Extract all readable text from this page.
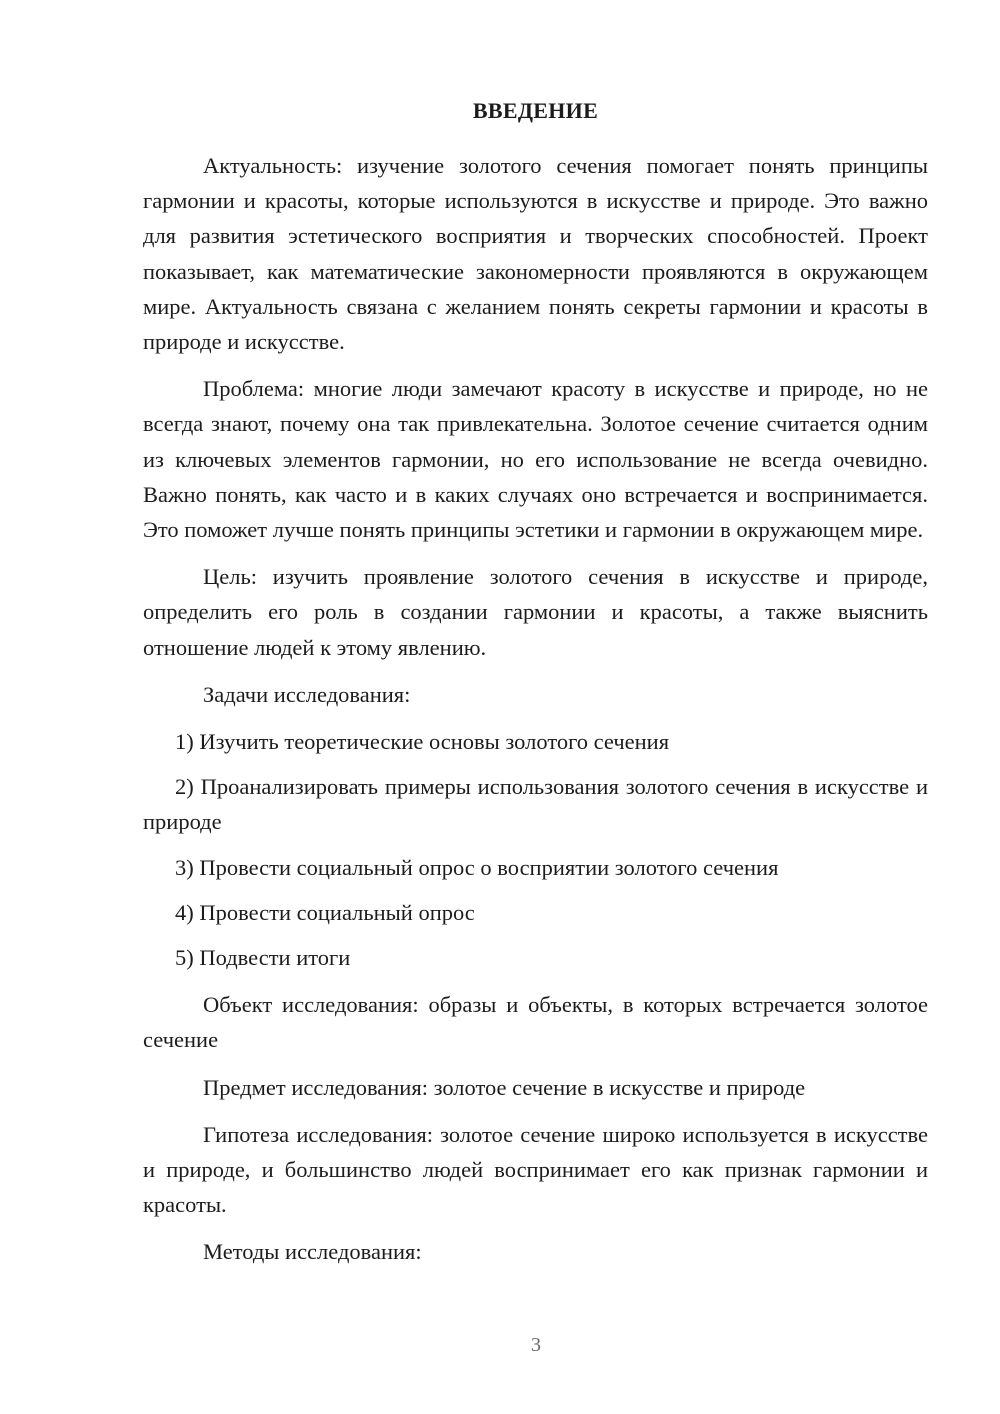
ВВЕДЕНИЕ

Актуальность: изучение золотого сечения помогает понять принципы гармонии и красоты, которые используются в искусстве и природе. Это важно для развития эстетического восприятия и творческих способностей. Проект показывает, как математические закономерности проявляются в окружающем мире. Актуальность связана с желанием понять секреты гармонии и красоты в природе и искусстве.

Проблема: многие люди замечают красоту в искусстве и природе, но не всегда знают, почему она так привлекательна. Золотое сечение считается одним из ключевых элементов гармонии, но его использование не всегда очевидно. Важно понять, как часто и в каких случаях оно встречается и воспринимается. Это поможет лучше понять принципы эстетики и гармонии в окружающем мире.

Цель: изучить проявление золотого сечения в искусстве и природе, определить его роль в создании гармонии и красоты, а также выяснить отношение людей к этому явлению.

Задачи исследования:

1) Изучить теоретические основы золотого сечения

2) Проанализировать примеры использования золотого сечения в искусстве и природе

3) Провести социальный опрос о восприятии золотого сечения

4) Провести социальный опрос

5) Подвести итоги

Объект исследования: образы и объекты, в которых встречается золотое сечение

Предмет исследования: золотое сечение в искусстве и природе

Гипотеза исследования: золотое сечение широко используется в искусстве и природе, и большинство людей воспринимает его как признак гармонии и красоты.

Методы исследования:

3
